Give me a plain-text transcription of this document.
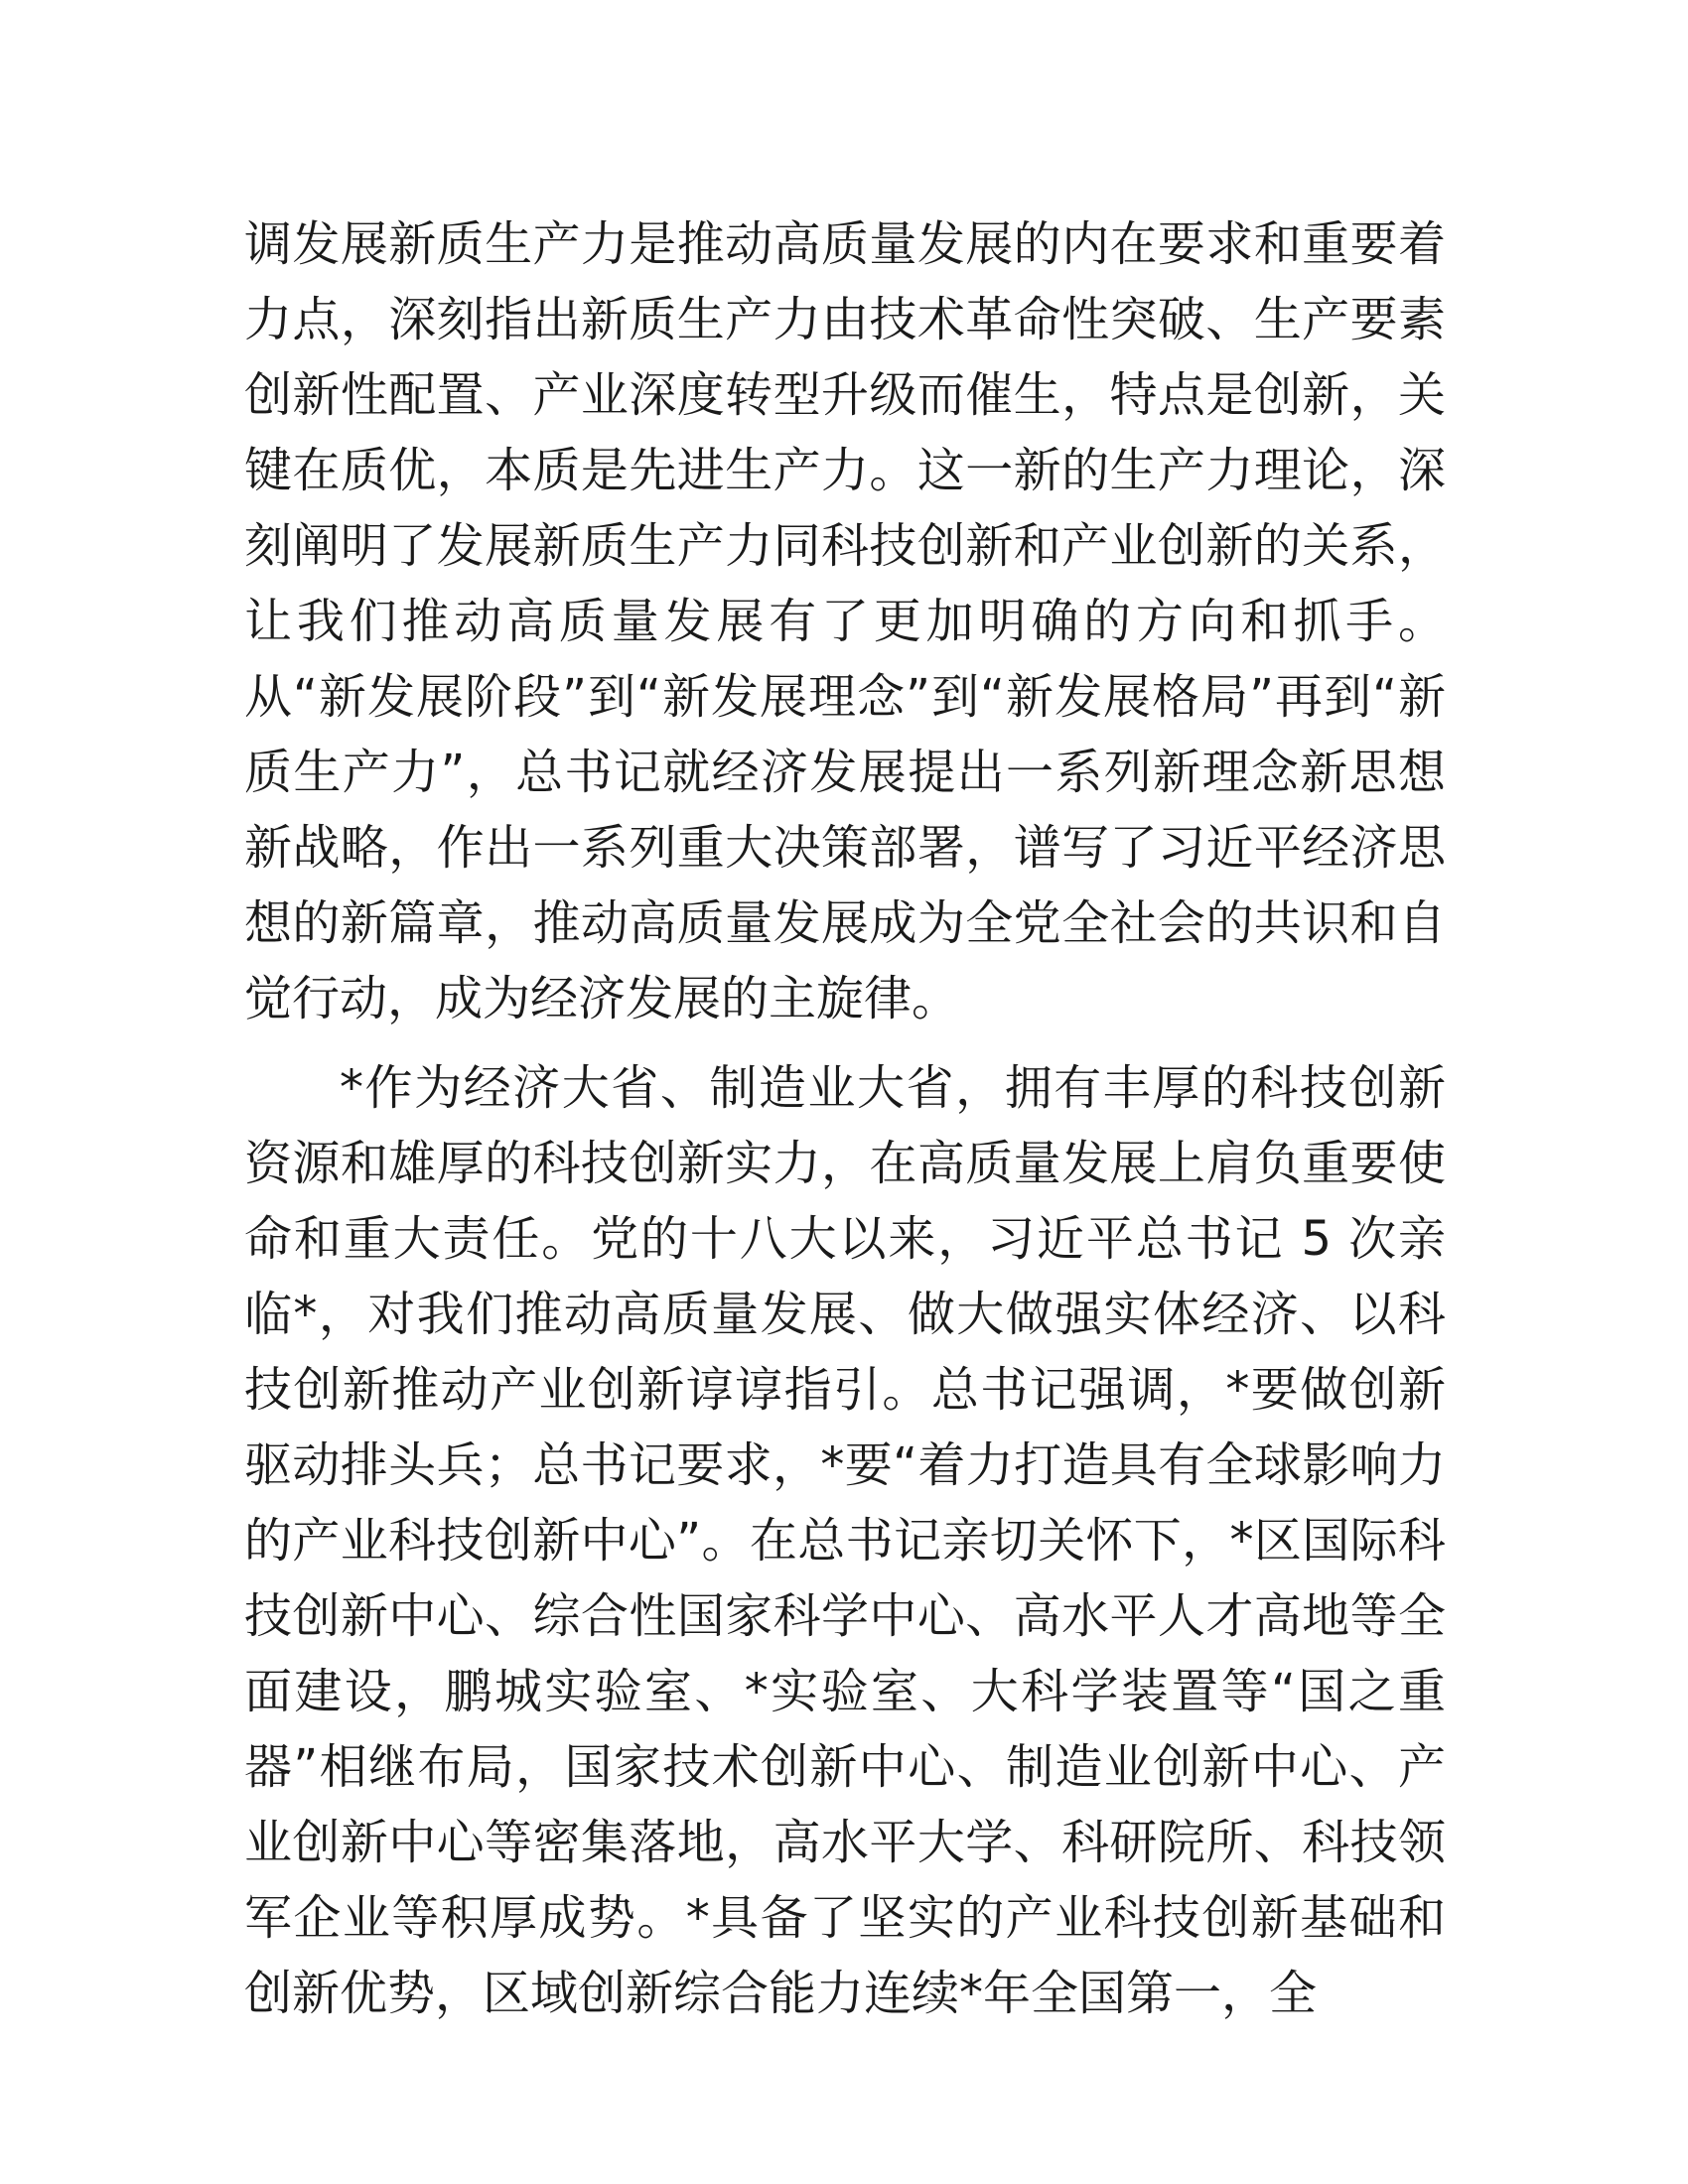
调发展新质生产力是推动高质量发展的内在要求和重要着力点，深刻指出新质生产力由技术革命性突破、生产要素创新性配置、产业深度转型升级而催生，特点是创新，关键在质优，本质是先进生产力。这一新的生产力理论，深刻阐明了发展新质生产力同科技创新和产业创新的关系，让我们推动高质量发展有了更加明确的方向和抓手。从“新发展阶段”到“新发展理念”到“新发展格局”再到“新质生产力”，总书记就经济发展提出一系列新理念新思想新战略，作出一系列重大决策部署，谱写了习近平经济思想的新篇章，推动高质量发展成为全党全社会的共识和自觉行动，成为经济发展的主旋律。

*作为经济大省、制造业大省，拥有丰厚的科技创新资源和雄厚的科技创新实力，在高质量发展上肩负重要使命和重大责任。党的十八大以来，习近平总书记 5 次亲临*，对我们推动高质量发展、做大做强实体经济、以科技创新推动产业创新谆谆指引。总书记强调，*要做创新驱动排头兵；总书记要求，*要“着力打造具有全球影响力的产业科技创新中心”。在总书记亲切关怀下，*区国际科技创新中心、综合性国家科学中心、高水平人才高地等全面建设，鹏城实验室、*实验室、大科学装置等“国之重器”相继布局，国家技术创新中心、制造业创新中心、产业创新中心等密集落地，高水平大学、科研院所、科技领军企业等积厚成势。*具备了坚实的产业科技创新基础和创新优势，区域创新综合能力连续*年全国第一，全
